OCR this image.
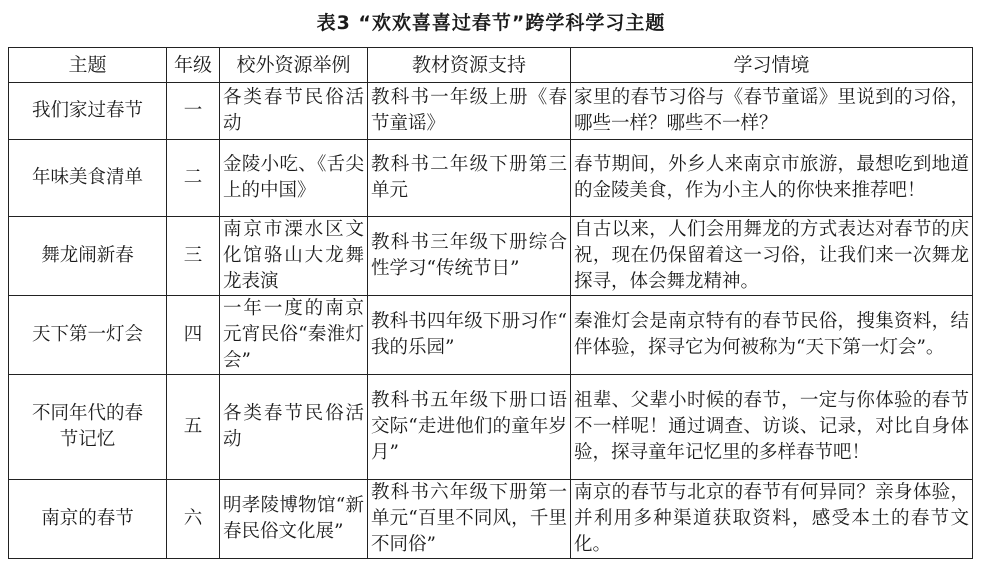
表3 “欢欢喜喜过春节”跨学科学习主题
主题	年级	校外资源举例	教材资源支持	学习情境
我们家过春节	一	各类春节民俗活动	教科书一年级上册《春节童谣》	家里的春节习俗与《春节童谣》里说到的习俗，哪些一样？哪些不一样？
年味美食清单	二	金陵小吃、《舌尖上的中国》	教科书二年级下册第三单元	春节期间，外乡人来南京市旅游，最想吃到地道的金陵美食，作为小主人的你快来推荐吧！
舞龙闹新春	三	南京市溧水区文化馆骆山大龙舞龙表演	教科书三年级下册综合性学习“传统节日”	自古以来，人们会用舞龙的方式表达对春节的庆祝，现在仍保留着这一习俗，让我们来一次舞龙探寻，体会舞龙精神。
天下第一灯会	四	一年一度的南京元宵民俗“秦淮灯会”	教科书四年级下册习作“ 我的乐园”	秦淮灯会是南京特有的春节民俗，搜集资料，结伴体验，探寻它为何被称为“天下第一灯会”。
不同年代的春节记忆	五	各类春节民俗活动	教科书五年级下册口语交际“走进他们的童年岁月”	祖辈、父辈小时候的春节，一定与你体验的春节不一样呢！通过调查、访谈、记录，对比自身体验，探寻童年记忆里的多样春节吧！
南京的春节	六	明孝陵博物馆“新春民俗文化展”	教科书六年级下册第一单元“百里不同风，千里不同俗”	南京的春节与北京的春节有何异同？亲身体验，并利用多种渠道获取资料，感受本土的春节文化。
